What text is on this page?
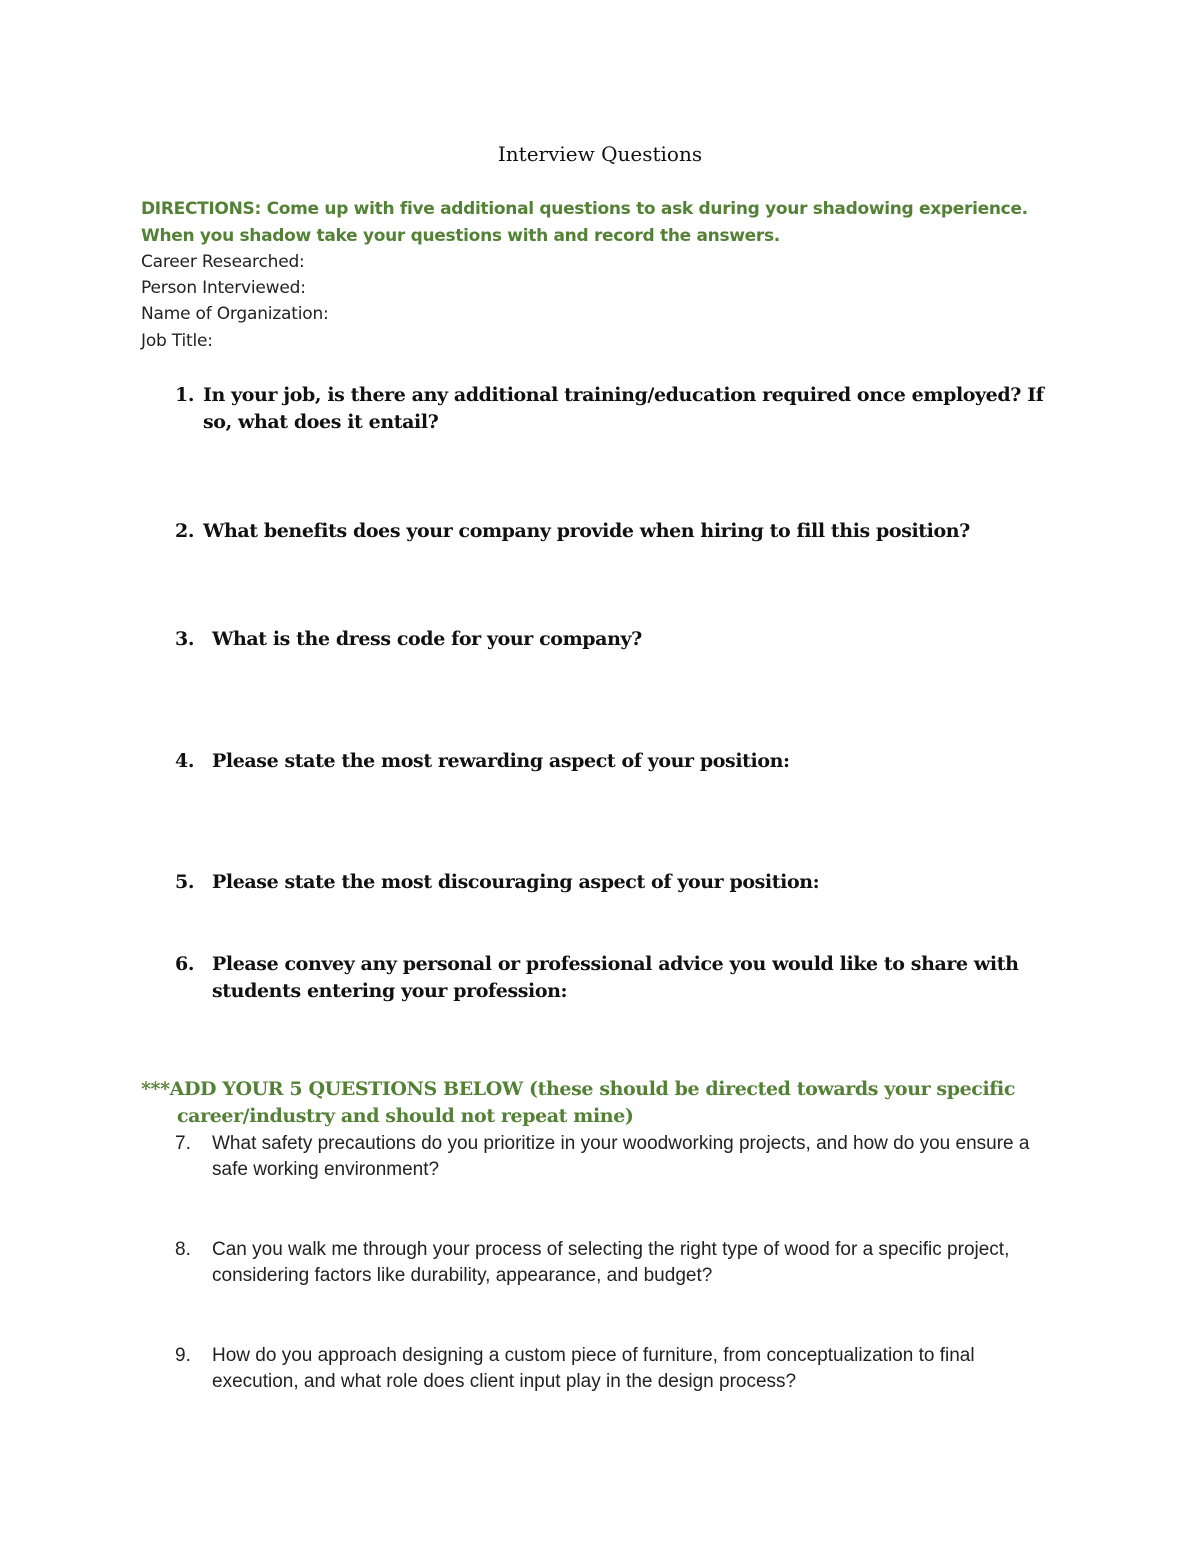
Interview Questions
DIRECTIONS: Come up with five additional questions to ask during your shadowing experience. When you shadow take your questions with and record the answers.
Career Researched:
Person Interviewed:
Name of Organization:
Job Title:
1. In your job, is there any additional training/education required once employed? If so, what does it entail?
2. What benefits does your company provide when hiring to fill this position?
3. What is the dress code for your company?
4. Please state the most rewarding aspect of your position:
5. Please state the most discouraging aspect of your position:
6. Please convey any personal or professional advice you would like to share with students entering your profession:
***ADD YOUR 5 QUESTIONS BELOW (these should be directed towards your specific
career/industry and should not repeat mine)
7.	What safety precautions do you prioritize in your woodworking projects, and how do you ensure a safe working environment?
8.	Can you walk me through your process of selecting the right type of wood for a specific project, considering factors like durability, appearance, and budget?
9.	How do you approach designing a custom piece of furniture, from conceptualization to final execution, and what role does client input play in the design process?
